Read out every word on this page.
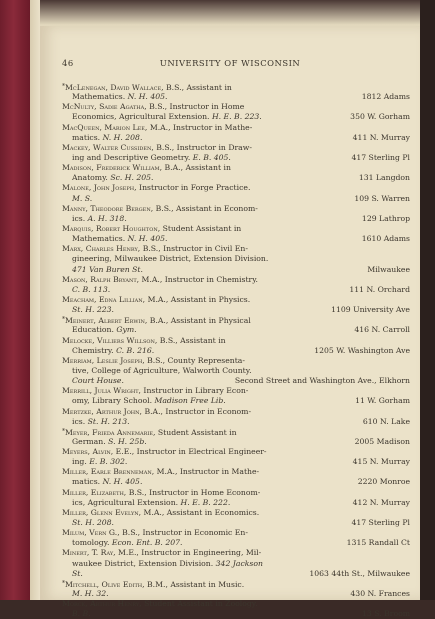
46	UNIVERSITY OF WISCONSIN
*McLenegan, David Wallace, B.S., Assistant in
Mathematics. N. H. 405.	1812 Adams
McNulty, Sadie Agatha, B.S., Instructor in Home
Economics, Agricultural Extension. H. E. B. 223.	350 W. Gorham
MacQueen, Marion Lee, M.A., Instructor in Mathe-
matics. N. H. 208.	411 N. Murray
Mackey, Walter Cussiden, B.S., Instructor in Draw-
ing and Descriptive Geometry. E. B. 405.	417 Sterling Pl
Madison, Frederick William, B.A., Assistant in
Anatomy. Sc. H. 205.	131 Langdon
Malone, John Joseph, Instructor in Forge Practice.
M. S.	109 S. Warren
Manny, Theodore Bergen, B.S., Assistant in Econom-
ics. A. H. 318.	129 Lathrop
Marquis, Robert Houghton, Student Assistant in
Mathematics. N. H. 405.	1610 Adams
Marx, Charles Henry, B.S., Instructor in Civil En-
gineering, Milwaukee District, Extension Division.
471 Van Buren St.	Milwaukee
Mason, Ralph Bryant, M.A., Instructor in Chemistry.
C. B. 113.	111 N. Orchard
Meacham, Edna Lillian, M.A., Assistant in Physics.
St. H. 223.	1109 University Ave
*Meinert, Albert Erwin, B.A., Assistant in Physical
Education. Gym.	416 N. Carroll
Melocke, Villiers Willson, B.S., Assistant in
Chemistry. C. B. 216.	1205 W. Washington Ave
Merriam, Leslie Joseph, B.S., County Representa-
tive, College of Agriculture, Walworth County.
Court House.	Second Street and Washington Ave., Elkhorn
Merrill, Julia Wright, Instructor in Library Econ-
omy, Library School. Madison Free Lib.	11 W. Gorham
Mertzke, Arthur John, B.A., Instructor in Econom-
ics. St. H. 213.	610 N. Lake
*Meyer, Frieda Annemarie, Student Assistant in
German. S. H. 25b.	2005 Madison
Meyers, Alvin, E.E., Instructor in Electrical Engineer-
ing. E. B. 302.	415 N. Murray
Miller, Earle Brenneman, M.A., Instructor in Mathe-
matics. N. H. 405.	2220 Monroe
Miller, Elizabeth, B.S., Instructor in Home Econom-
ics, Agricultural Extension. H. E. B. 222.	412 N. Murray
Miller, Glenn Evelyn, M.A., Assistant in Economics.
St. H. 208.	417 Sterling Pl
Milum, Vern G., B.S., Instructor in Economic En-
tomology. Econ. Ent. B. 207.	1315 Randall Ct
Minert, T. Ray, M.E., Instructor in Engineering, Mil-
waukee District, Extension Division. 342 Jackson
St.	1063 44th St., Milwaukee
*Mitchell, Olive Edith, B.M., Assistant in Music.
M. H. 32.	430 N. Frances
Morck, Arthur Henry, Student Assistant in Zoology.
B. B.	13 S. Broom
